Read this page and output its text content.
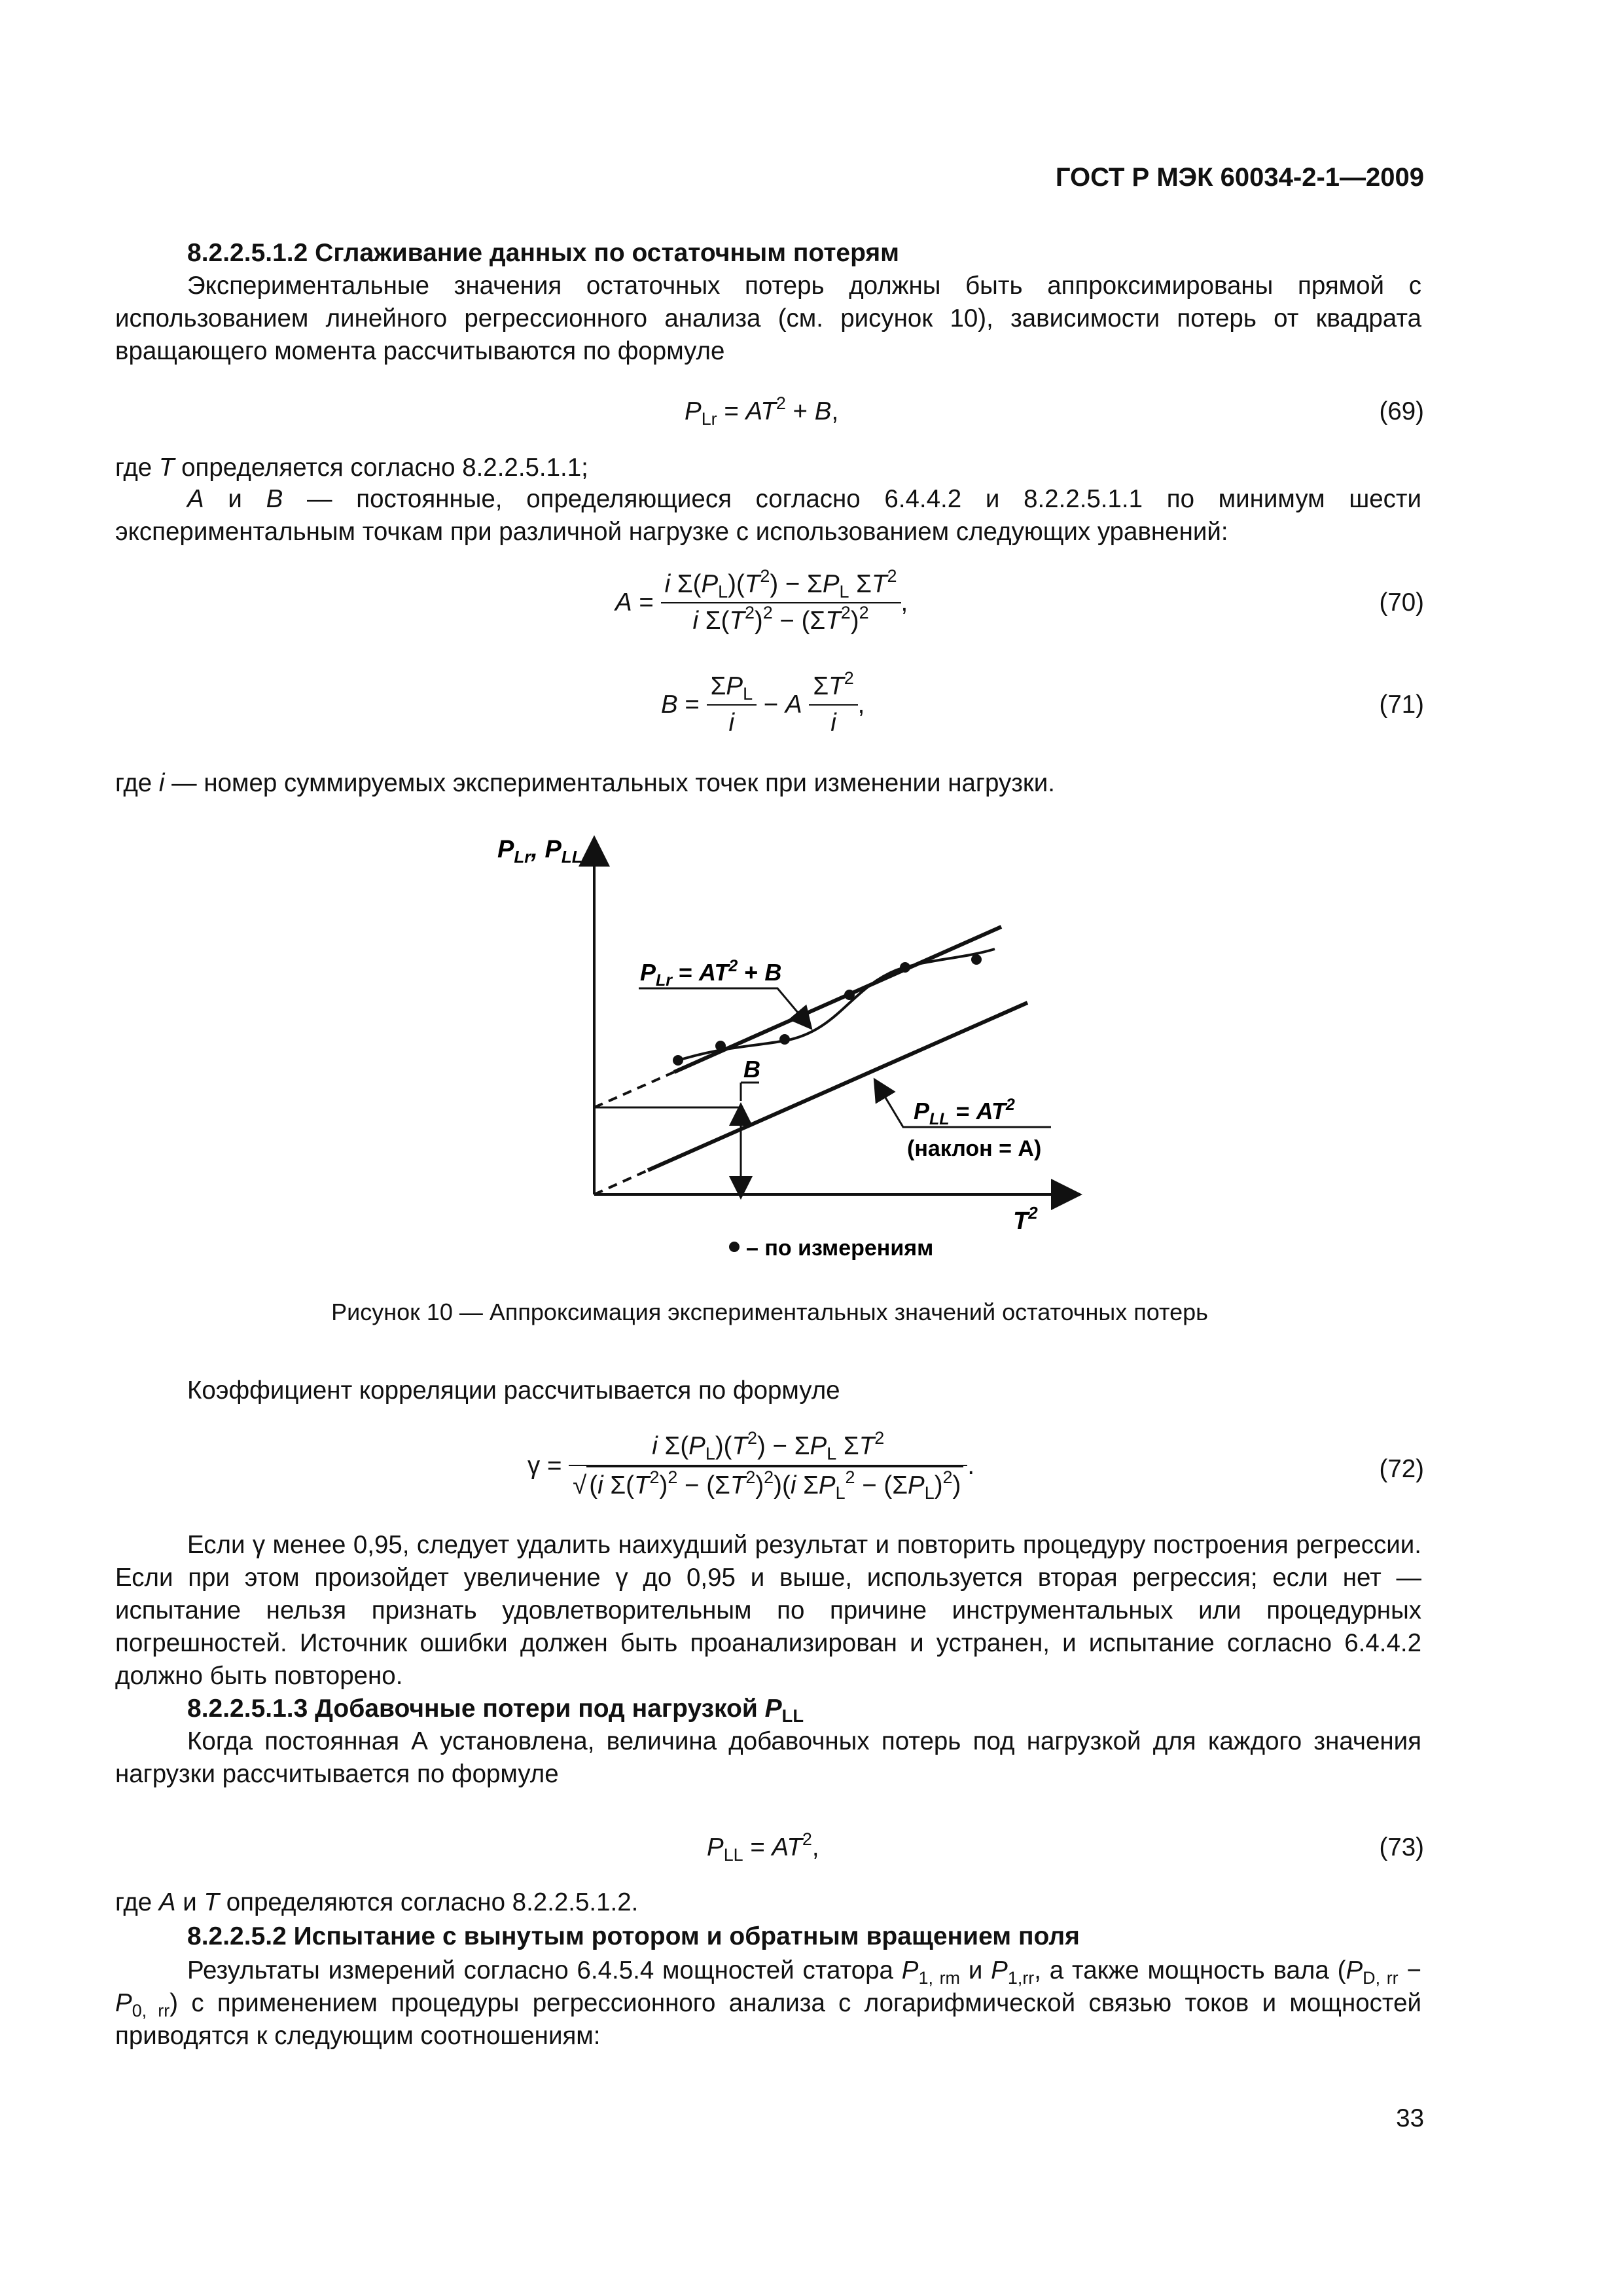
ГОСТ Р МЭК 60034-2-1—2009
8.2.2.5.1.2 Сглаживание данных по остаточным потерям
Экспериментальные значения остаточных потерь должны быть аппроксимированы прямой с использованием линейного регрессионного анализа (см. рисунок 10), зависимости потерь от квадрата вращающего момента рассчитываются по формуле
$P_{Lr} = AT^2 + B$,	(69)
где T определяется согласно 8.2.2.5.1.1;
A и B — постоянные, определяющиеся согласно 6.4.4.2 и 8.2.2.5.1.1 по минимум шести экспериментальным точкам при различной нагрузке с использованием следующих уравнений:
$A = \frac{i \Sigma(P_L)(T^2) - \Sigma P_L \Sigma T^2}{i \Sigma(T^2)^2 - (\Sigma T^2)^2}$ ,	(70)
$B = \frac{\Sigma P_L}{i} - A \frac{\Sigma T^2}{i}$ ,	(71)
где i — номер суммируемых экспериментальных точек при изменении нагрузки.
$P_{Lr}$, $P_{LL}$
$T^2$
$P_{Lr} = AT^2 + B$
B
$P_{LL} = AT^2$
(наклон = A)
– по измерениям
Рисунок 10 — Аппроксимация экспериментальных значений остаточных потерь
Коэффициент корреляции рассчитывается по формуле
$\gamma = \frac{i \Sigma(P_L)(T^2) - \Sigma P_L \Sigma T^2}{√ (i \Sigma(T^2)^2 - (\Sigma T^2)^2)(i \Sigma P_L^2 - (\Sigma P_L)^2)}$ .	(72)
Если γ менее 0,95, следует удалить наихудший результат и повторить процедуру построения регрессии. Если при этом произойдет увеличение γ до 0,95 и выше, используется вторая регрессия; если нет — испытание нельзя признать удовлетворительным по причине инструментальных или процедурных погрешностей. Источник ошибки должен быть проанализирован и устранен, и испытание согласно 6.4.4.2 должно быть повторено.
8.2.2.5.1.3 Добавочные потери под нагрузкой $P_{LL}$
Когда постоянная А установлена, величина добавочных потерь под нагрузкой для каждого значения нагрузки рассчитывается по формуле
$P_{LL} = AT^2$,	(73)
где A и T определяются согласно 8.2.2.5.1.2.
8.2.2.5.2 Испытание с вынутым ротором и обратным вращением поля
Результаты измерений согласно 6.4.5.4 мощностей статора $P_{1, rm}$ и $P_{1,rr}$, а также мощность вала $(P_{D, rr} - P_{0, rr})$ с применением процедуры регрессионного анализа с логарифмической связью токов и мощностей приводятся к следующим соотношениям:
33
